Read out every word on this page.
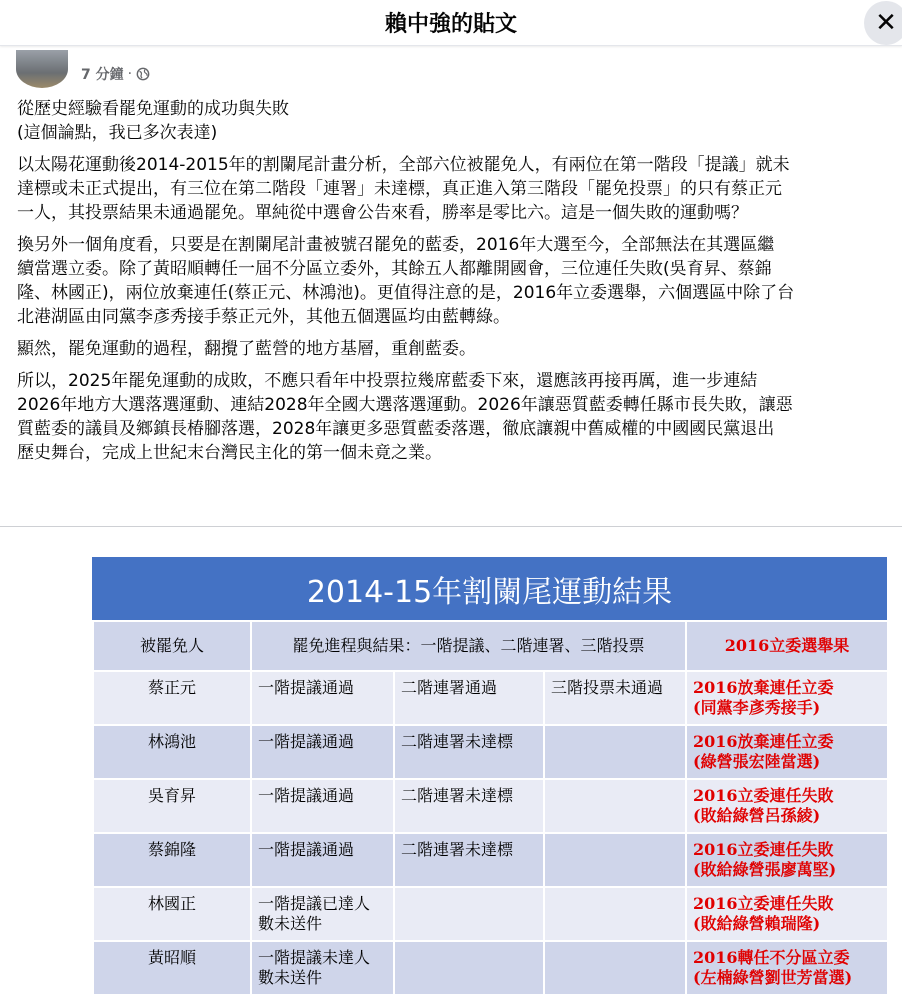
賴中強的貼文	✕
7 分鐘 ·

從歷史經驗看罷免運動的成功與失敗
(這個論點，我已多次表達)

以太陽花運動後2014-2015年的割闌尾計畫分析，全部六位被罷免人，有兩位在第一階段「提議」就未
達標或未正式提出，有三位在第二階段「連署」未達標，真正進入第三階段「罷免投票」的只有蔡正元
一人，其投票結果未通過罷免。單純從中選會公告來看，勝率是零比六。這是一個失敗的運動嗎？

換另外一個角度看，只要是在割闌尾計畫被號召罷免的藍委，2016年大選至今，全部無法在其選區繼
續當選立委。除了黃昭順轉任一屆不分區立委外，其餘五人都離開國會，三位連任失敗(吳育昇、蔡錦
隆、林國正)，兩位放棄連任(蔡正元、林鴻池)。更值得注意的是，2016年立委選舉，六個選區中除了台
北港湖區由同黨李彥秀接手蔡正元外，其他五個選區均由藍轉綠。

顯然，罷免運動的過程，翻攪了藍營的地方基層，重創藍委。

所以，2025年罷免運動的成敗，不應只看年中投票拉幾席藍委下來，還應該再接再厲，進一步連結
2026年地方大選落選運動、連結2028年全國大選落選運動。2026年讓惡質藍委轉任縣市長失敗，讓惡
質藍委的議員及鄉鎮長椿腳落選，2028年讓更多惡質藍委落選，徹底讓親中舊威權的中國國民黨退出
歷史舞台，完成上世紀末台灣民主化的第一個未竟之業。

2014-15年割闌尾運動結果
被罷免人	罷免進程與結果：一階提議、二階連署、三階投票			2016立委選舉果
蔡正元	一階提議通過	二階連署通過	三階投票未通過	2016放棄連任立委
(同黨李彥秀接手)
林鴻池	一階提議通過	二階連署未達標		2016放棄連任立委
(綠營張宏陸當選)
吳育昇	一階提議通過	二階連署未達標		2016立委連任失敗
(敗給綠營呂孫綾)
蔡錦隆	一階提議通過	二階連署未達標		2016立委連任失敗
(敗給綠營張廖萬堅)
林國正	一階提議已達人
數未送件			2016立委連任失敗
(敗給綠營賴瑞隆)
黃昭順	一階提議未達人
數未送件			2016轉任不分區立委
(左楠綠營劉世芳當選)
